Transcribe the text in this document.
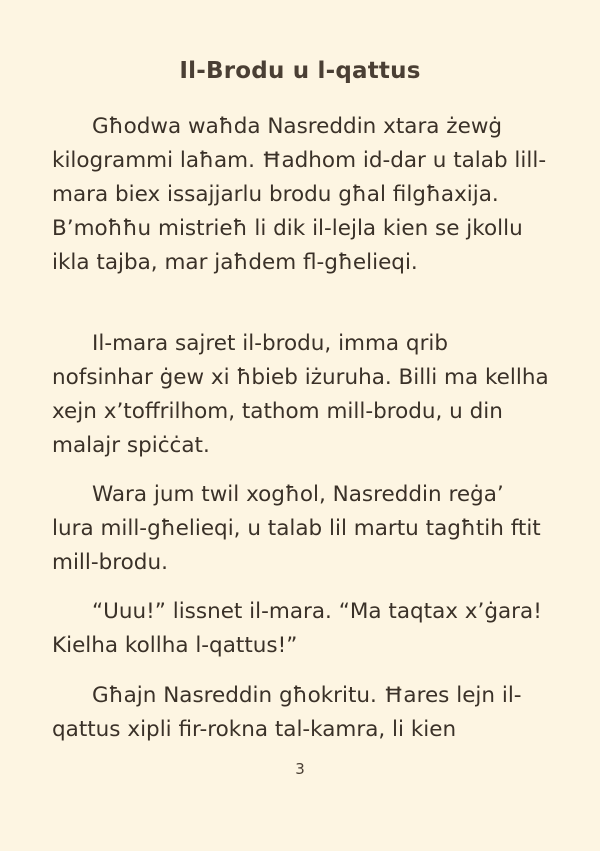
Il-Brodu u l-qattus

Għodwa waħda Nasreddin xtara żewġ kilogrammi laħam. Ħadhom id-dar u talab lill-mara biex issajjarlu brodu għal filgħaxija. B’moħħu mistrieħ li dik il-lejla kien se jkollu ikla tajba, mar jaħdem fl-għelieqi.

Il-mara sajret il-brodu, imma qrib nofsinhar ġew xi ħbieb iżuruha. Billi ma kellha xejn x’toffrilhom, tathom mill-brodu, u din malajr spiċċat.

Wara jum twil xogħol, Nasreddin reġa’ lura mill-għelieqi, u talab lil martu tagħtih ftit mill-brodu.

“Uuu!” lissnet il-mara. “Ma taqtax x’ġara! Kielha kollha l-qattus!”

Għajn Nasreddin għokritu. Ħares lejn il-qattus xipli fir-rokna tal-kamra, li kien

3
